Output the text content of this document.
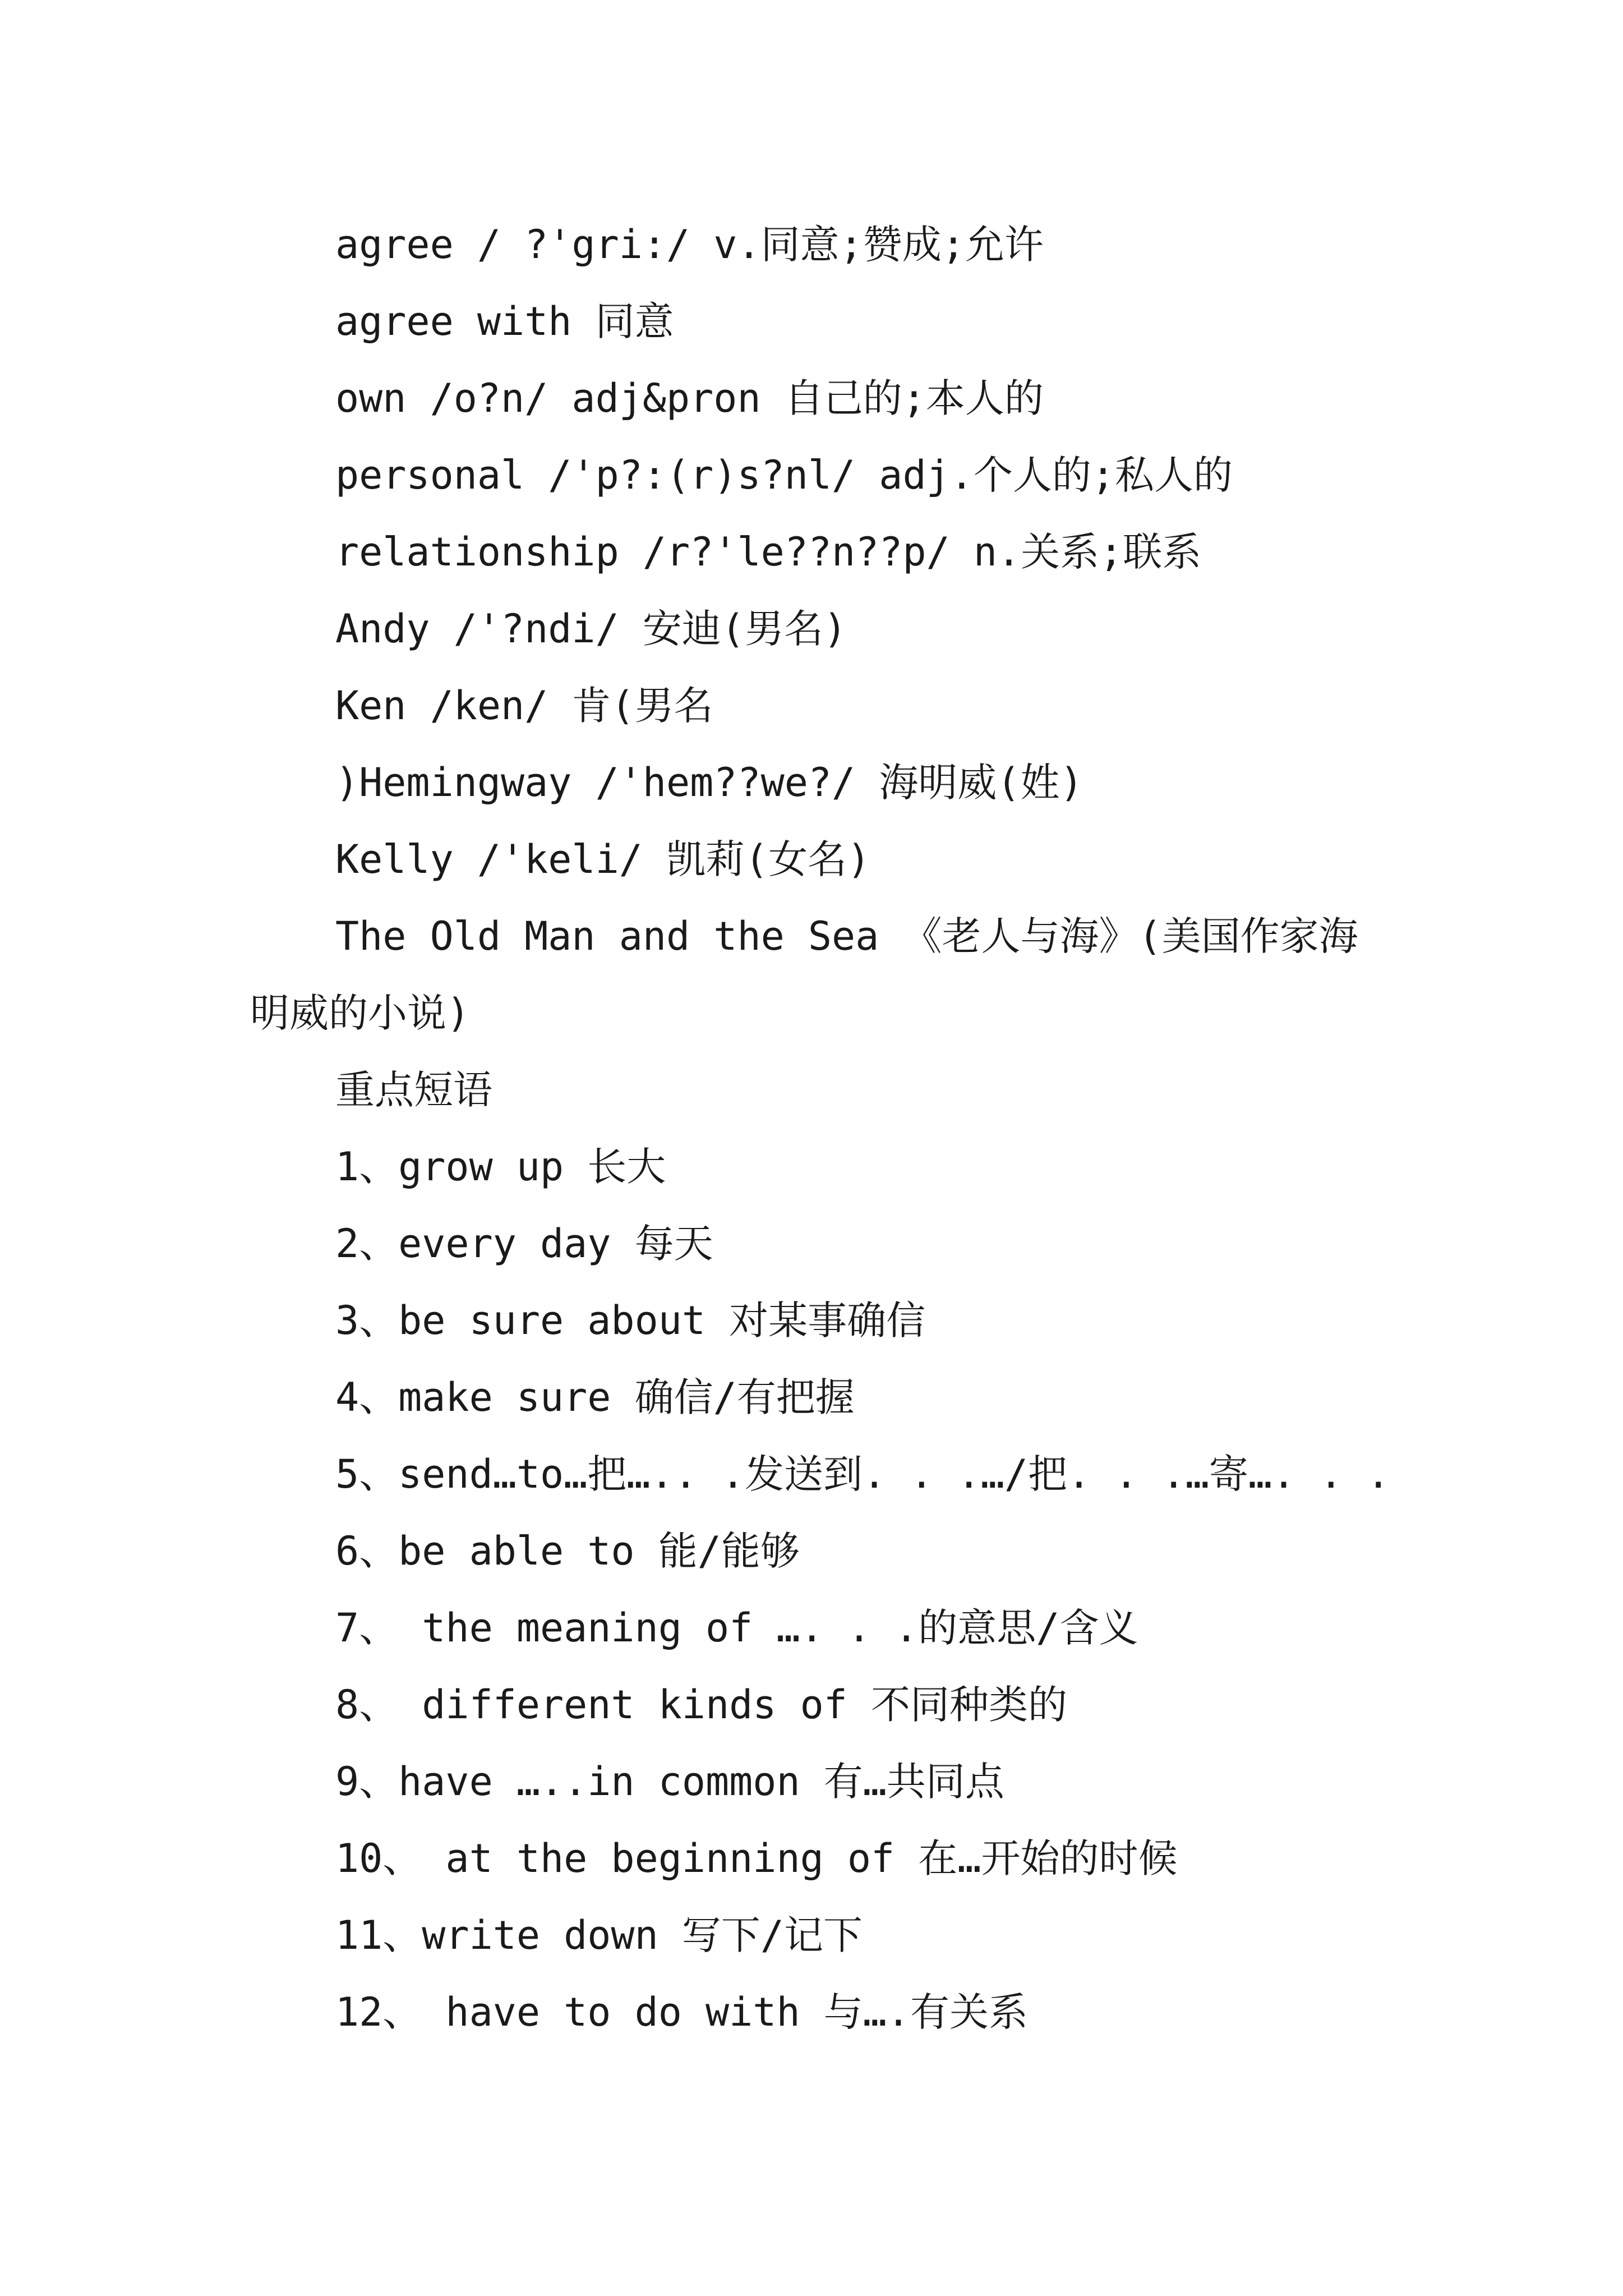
agree / ?'gri:/ v.同意;赞成;允许

agree with 同意

own /o?n/ adj&pron 自己的;本人的

personal /'p?:(r)s?nl/ adj.个人的;私人的

relationship /r?'le??n??p/ n.关系;联系

Andy /'?ndi/ 安迪(男名)

Ken /ken/ 肯(男名

)Hemingway /'hem??we?/ 海明威(姓)

Kelly /'keli/ 凯莉(女名)

The Old Man and the Sea 《老人与海》(美国作家海

明威的小说)

重点短语

1、grow up 长大

2、every day 每天

3、be sure about 对某事确信

4、make sure 确信/有把握

5、send…to…把….. .发送到. . .…/把. . .…寄…. . .

6、be able to 能/能够

7、 the meaning of …. . .的意思/含义

8、 different kinds of 不同种类的

9、have …..in common 有…共同点

10、 at the beginning of 在…开始的时候

11、write down 写下/记下

12、 have to do with 与….有关系
